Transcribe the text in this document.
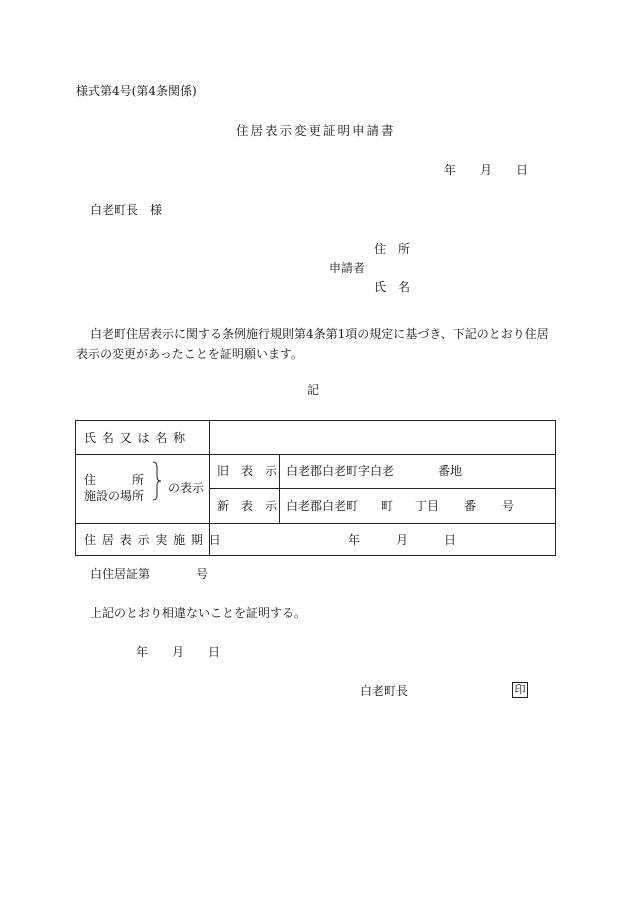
様式第4号(第4条関係)
住居表示変更証明申請書
年 月 日
白老町長　様
住　所
申請者
氏　名
白老町住居表示に関する条例施行規則第4条第1項の規定に基づき、下記のとおり住居表示の変更があったことを証明願います。
記
氏 名 又 は 名 称
住　　　所
施設の場所
の表示
旧　表　示 白老郡白老町字白老	番地
新　表　示 白老郡白老町 町 丁目 番 号
住 居 表 示 実 施 期 日	年	月	日
白住居証第	号
上記のとおり相違ないことを証明する。
年 月 日
白老町長	印
